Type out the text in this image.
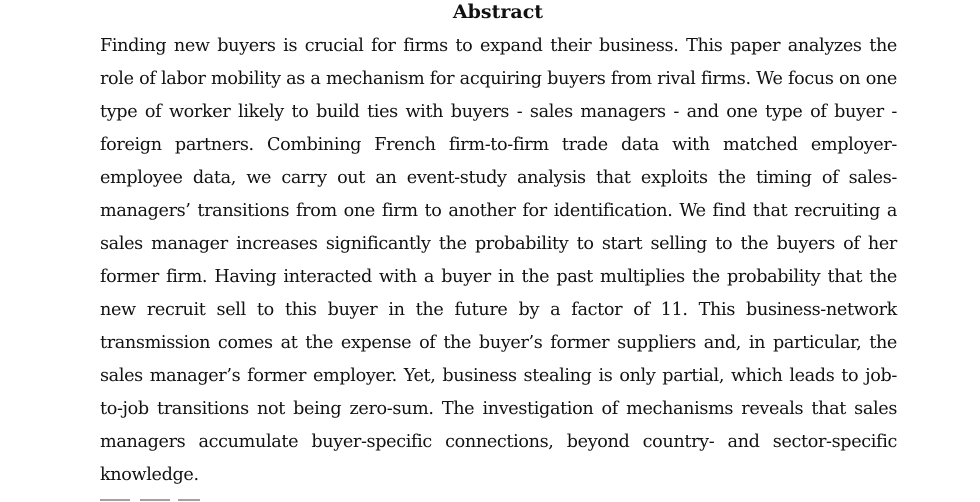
Abstract

Finding new buyers is crucial for firms to expand their business. This paper analyzes the role of labor mobility as a mechanism for acquiring buyers from rival firms. We focus on one type of worker likely to build ties with buyers - sales managers - and one type of buyer - foreign partners. Combining French firm-to-firm trade data with matched employer-employee data, we carry out an event-study analysis that exploits the timing of sales-managers’ transitions from one firm to another for identification. We find that recruiting a sales manager increases significantly the probability to start selling to the buyers of her former firm. Having interacted with a buyer in the past multiplies the probability that the new recruit sell to this buyer in the future by a factor of 11. This business-network transmission comes at the expense of the buyer’s former suppliers and, in particular, the sales manager’s former employer. Yet, business stealing is only partial, which leads to job-to-job transitions not being zero-sum. The investigation of mechanisms reveals that sales managers accumulate buyer-specific connections, beyond country- and sector-specific knowledge.
